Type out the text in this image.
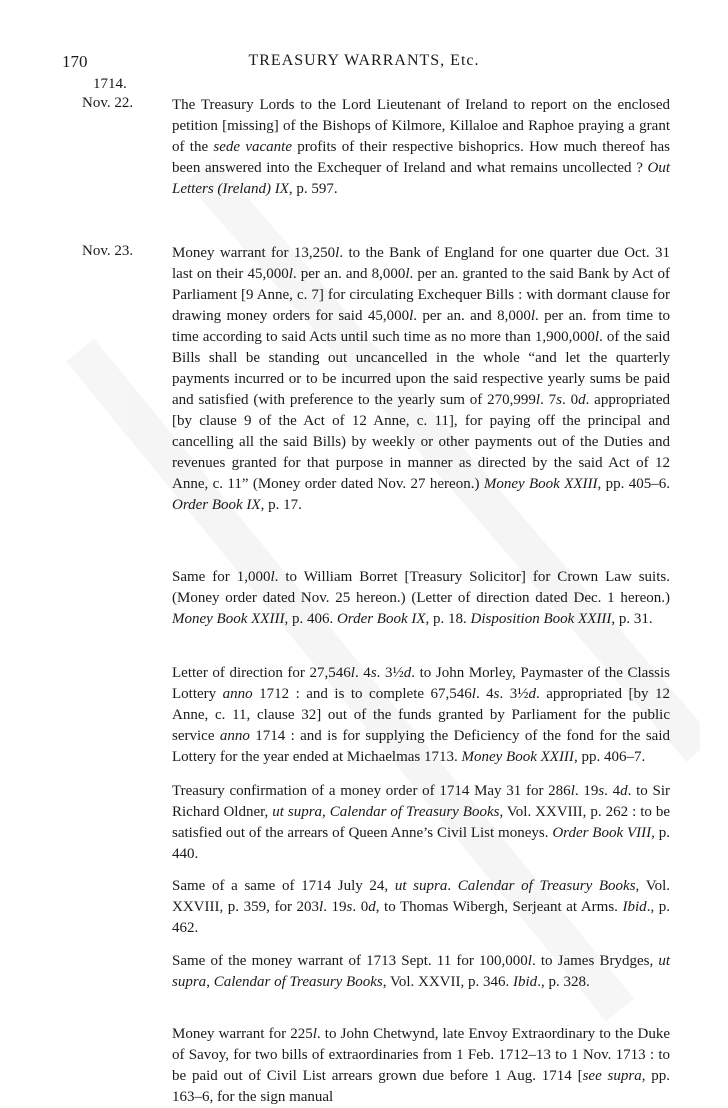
170	TREASURY WARRANTS, Etc.
1714.
Nov. 22.	The Treasury Lords to the Lord Lieutenant of Ireland to report on the enclosed petition [missing] of the Bishops of Kilmore, Killaloe and Raphoe praying a grant of the sede vacante profits of their respective bishoprics. How much thereof has been answered into the Exchequer of Ireland and what remains uncollected ? Out Letters (Ireland) IX, p. 597.

Nov. 23.	Money warrant for 13,250l. to the Bank of England for one quarter due Oct. 31 last on their 45,000l. per an. and 8,000l. per an. granted to the said Bank by Act of Parliament [9 Anne, c. 7] for circulating Exchequer Bills : with dormant clause for drawing money orders for said 45,000l. per an. and 8,000l. per an. from time to time according to said Acts until such time as no more than 1,900,000l. of the said Bills shall be standing out uncancelled in the whole “and let the quarterly payments incurred or to be incurred upon the said respective yearly sums be paid and satisfied (with preference to the yearly sum of 270,999l. 7s. 0d. appropriated [by clause 9 of the Act of 12 Anne, c. 11], for paying off the principal and cancelling all the said Bills) by weekly or other payments out of the Duties and revenues granted for that purpose in manner as directed by the said Act of 12 Anne, c. 11” (Money order dated Nov. 27 hereon.) Money Book XXIII, pp. 405–6. Order Book IX, p. 17.

Same for 1,000l. to William Borret [Treasury Solicitor] for Crown Law suits. (Money order dated Nov. 25 hereon.) (Letter of direction dated Dec. 1 hereon.) Money Book XXIII, p. 406. Order Book IX, p. 18. Disposition Book XXIII, p. 31.

Letter of direction for 27,546l. 4s. 3½d. to John Morley, Paymaster of the Classis Lottery anno 1712 : and is to complete 67,546l. 4s. 3½d. appropriated [by 12 Anne, c. 11, clause 32] out of the funds granted by Parliament for the public service anno 1714 : and is for supplying the Deficiency of the fond for the said Lottery for the year ended at Michaelmas 1713. Money Book XXIII, pp. 406–7.

Treasury confirmation of a money order of 1714 May 31 for 286l. 19s. 4d. to Sir Richard Oldner, ut supra, Calendar of Treasury Books, Vol. XXVIII, p. 262 : to be satisfied out of the arrears of Queen Anne’s Civil List moneys. Order Book VIII, p. 440.

Same of a same of 1714 July 24, ut supra. Calendar of Treasury Books, Vol. XXVIII, p. 359, for 203l. 19s. 0d, to Thomas Wibergh, Serjeant at Arms. Ibid., p. 462.

Same of the money warrant of 1713 Sept. 11 for 100,000l. to James Brydges, ut supra, Calendar of Treasury Books, Vol. XXVII, p. 346. Ibid., p. 328.

Money warrant for 225l. to John Chetwynd, late Envoy Extraordinary to the Duke of Savoy, for two bills of extraordinaries from 1 Feb. 1712–13 to 1 Nov. 1713 : to be paid out of Civil List arrears grown due before 1 Aug. 1714 [see supra, pp. 163–6, for the sign manual
